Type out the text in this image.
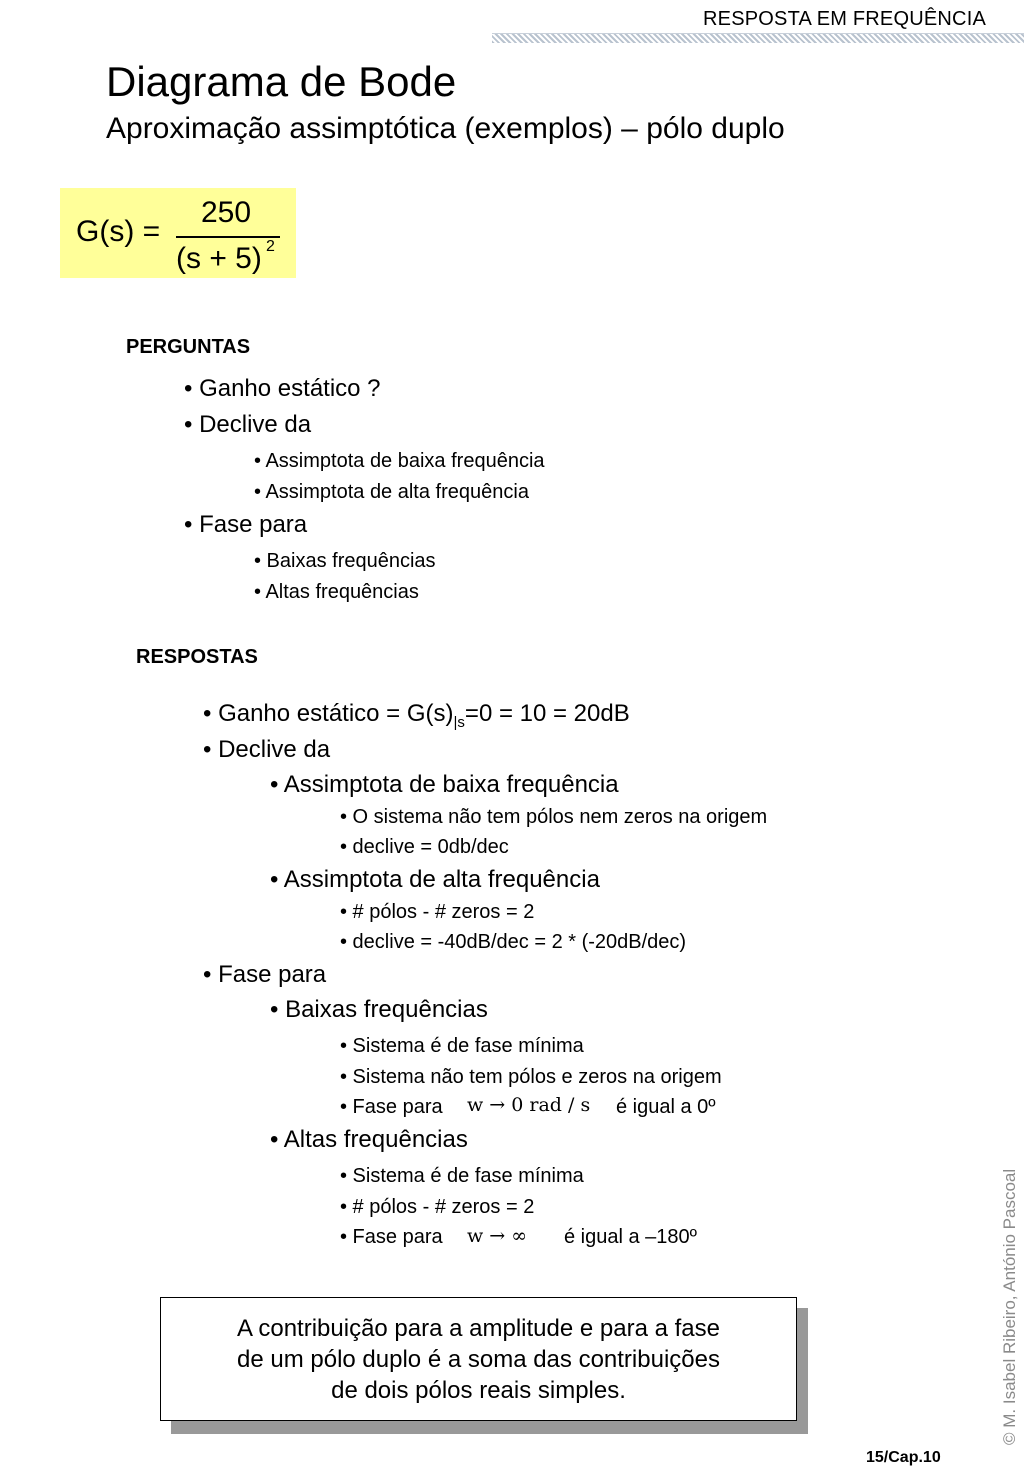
RESPOSTA EM FREQUÊNCIA
Diagrama de Bode
Aproximação assimptótica (exemplos) – pólo duplo
G(s) =
250
(s + 5) 2
PERGUNTAS
• Ganho estático ?
• Declive da
• Assimptota de baixa frequência
• Assimptota de alta frequência
• Fase para
• Baixas frequências
• Altas frequências
RESPOSTAS
• Ganho estático = $G(s)_{|s}=0 = 10 = 20dB$
• Declive da
• Assimptota de baixa frequência
• O sistema não tem pólos nem zeros na origem
• declive = 0db/dec
• Assimptota de alta frequência
• # pólos - # zeros = 2
• declive = -40dB/dec = 2 * (-20dB/dec)
• Fase para
• Baixas frequências
• Sistema é de fase mínima
• Sistema não tem pólos e zeros na origem
• Fase para w → 0 rad / s é igual a 0º
• Altas frequências
• Sistema é de fase mínima
• # pólos - # zeros = 2
• Fase para w → ∞ é igual a –180º
A contribuição para a amplitude e para a fase
de um pólo duplo é a soma das contribuições
de dois pólos reais simples.	© M. Isabel Ribeiro, António Pascoal
15/Cap.10
